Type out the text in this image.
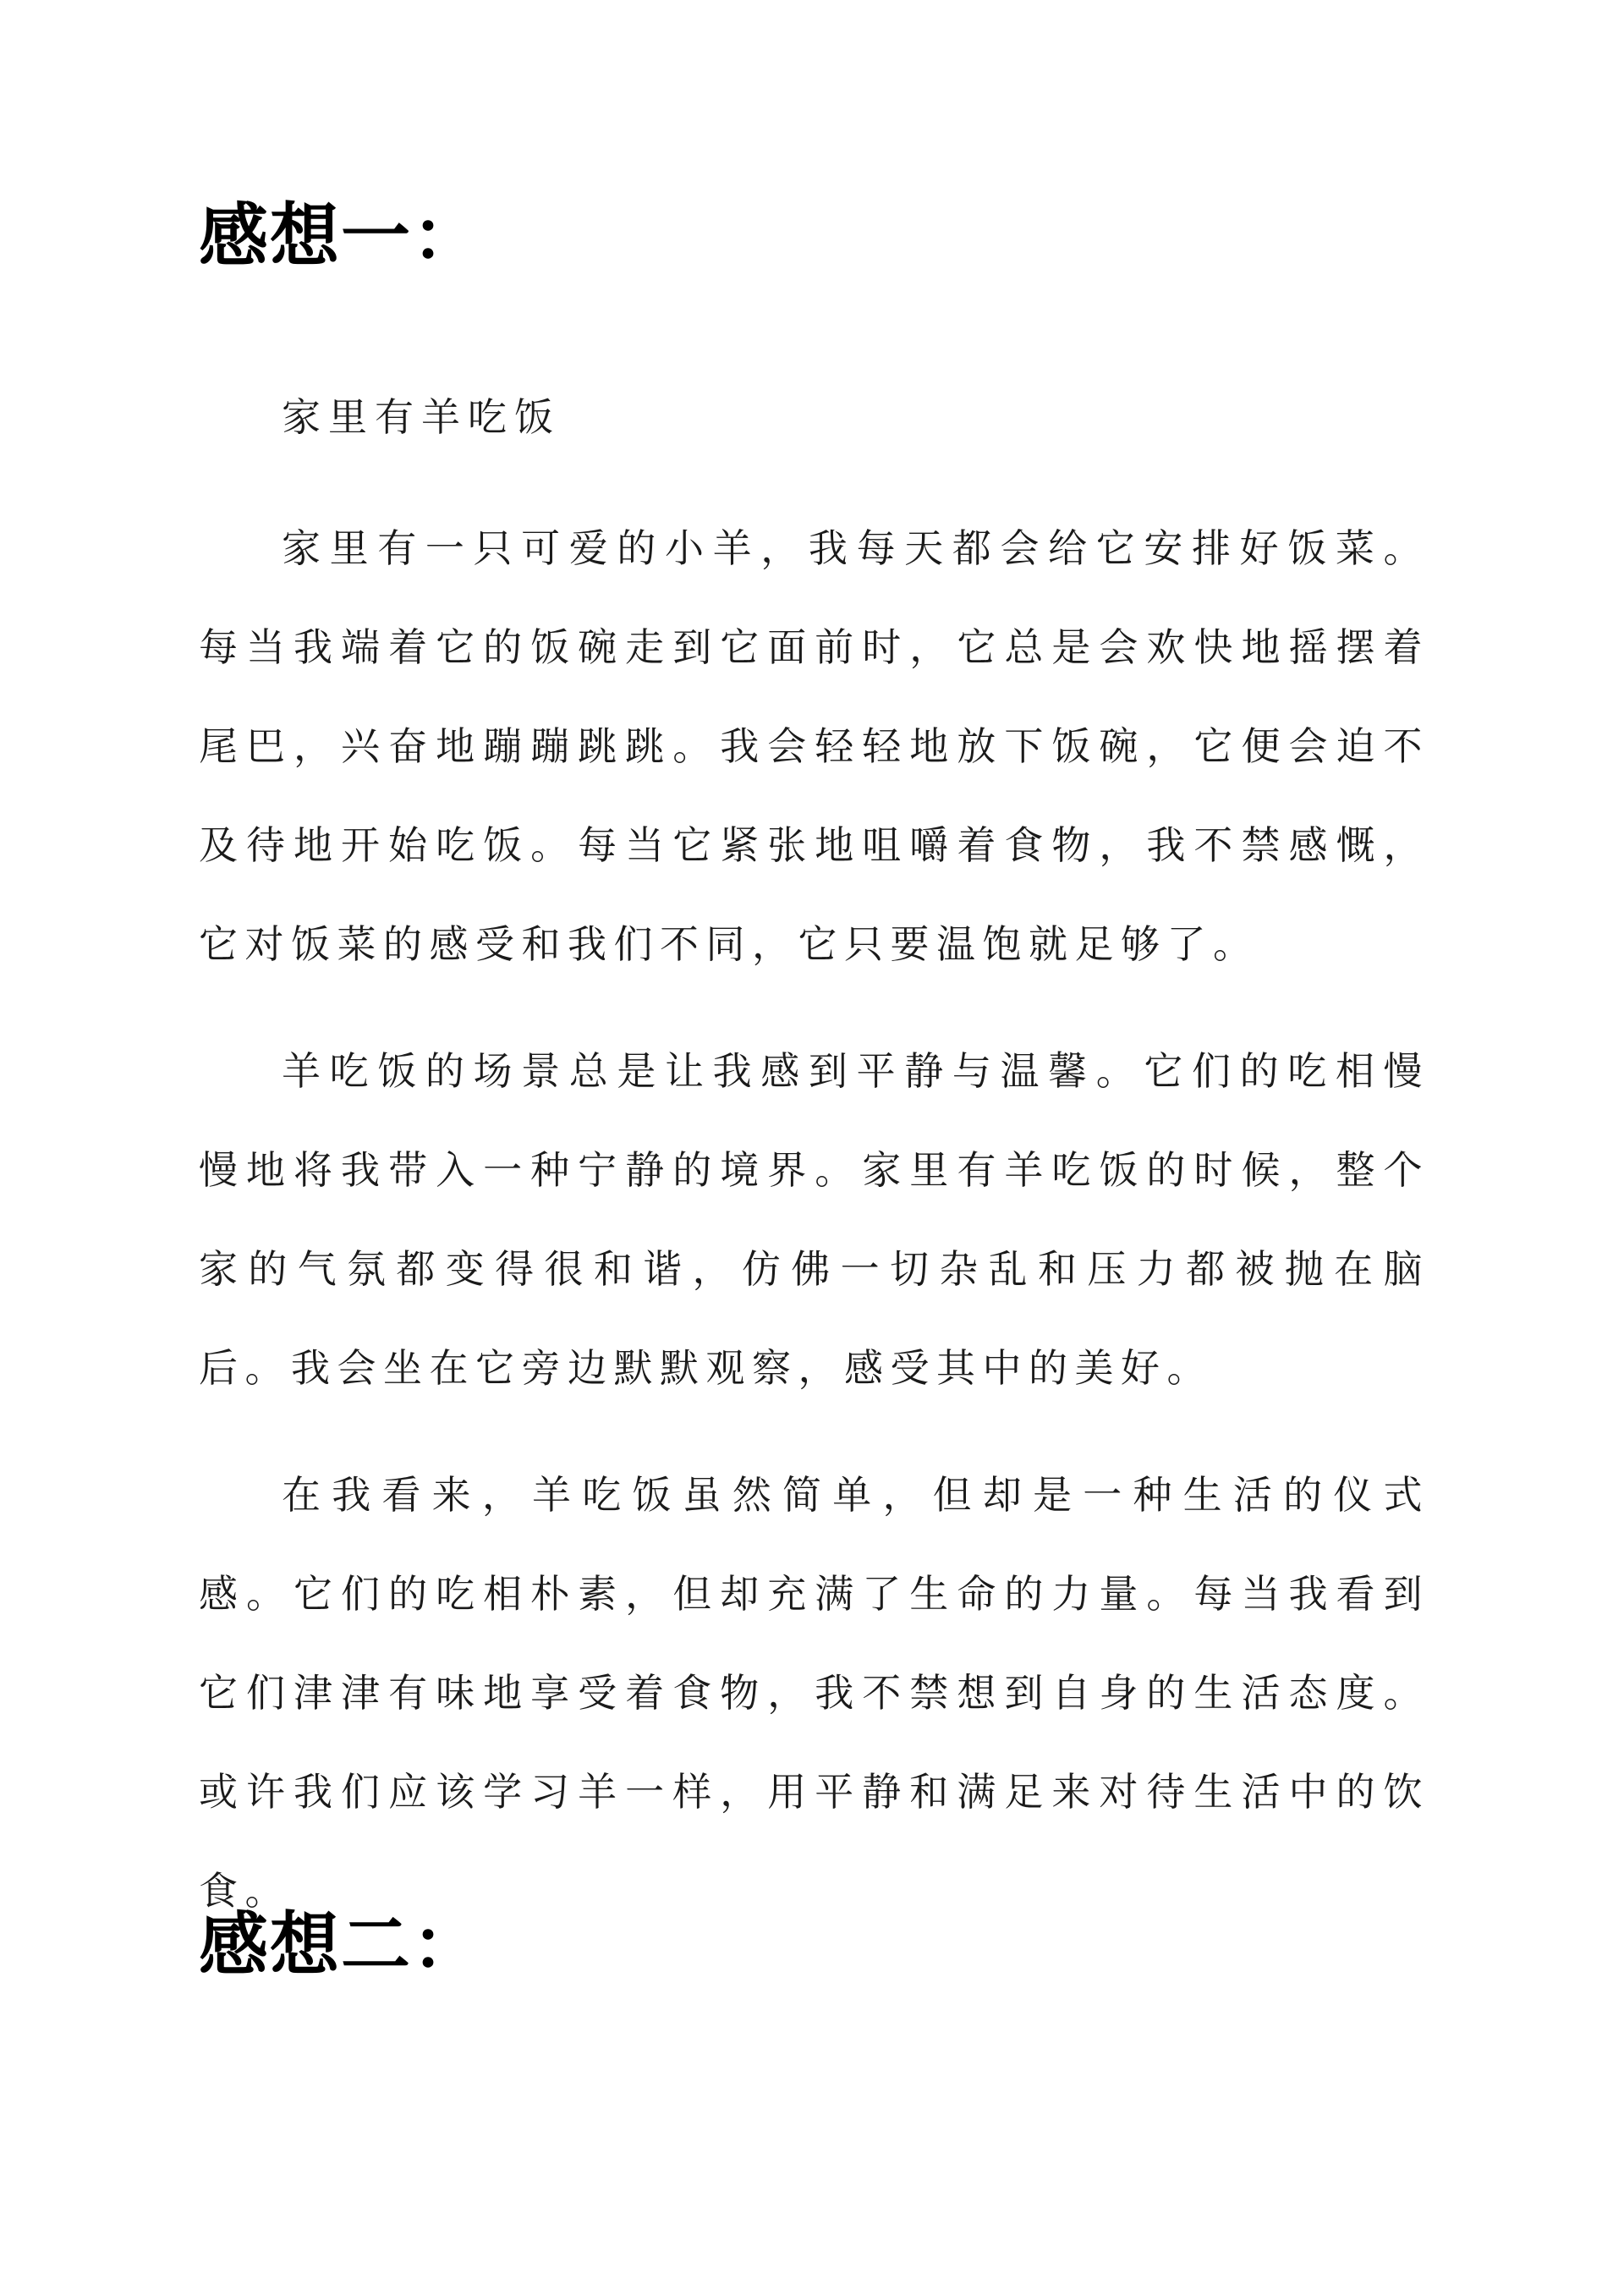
感想一：

家里有羊吃饭

家里有一只可爱的小羊，我每天都会给它安排好饭菜。每当我端着它的饭碗走到它面前时，它总是会欢快地摇摆着尾巴，兴奋地蹦蹦跳跳。我会轻轻地放下饭碗，它便会迫不及待地开始吃饭。每当它紧张地咀嚼着食物，我不禁感慨，它对饭菜的感受和我们不同，它只要温饱就足够了。

羊吃饭的场景总是让我感到平静与温馨。它们的吃相慢慢地将我带入一种宁静的境界。家里有羊吃饭的时候，整个家的气氛都变得很和谐，仿佛一切杂乱和压力都被抛在脑后。我会坐在它旁边默默观察，感受其中的美好。

在我看来，羊吃饭虽然简单，但却是一种生活的仪式感。它们的吃相朴素，但却充满了生命的力量。每当我看到它们津津有味地享受着食物，我不禁想到自身的生活态度。或许我们应该学习羊一样，用平静和满足来对待生活中的饮食。

感想二：
